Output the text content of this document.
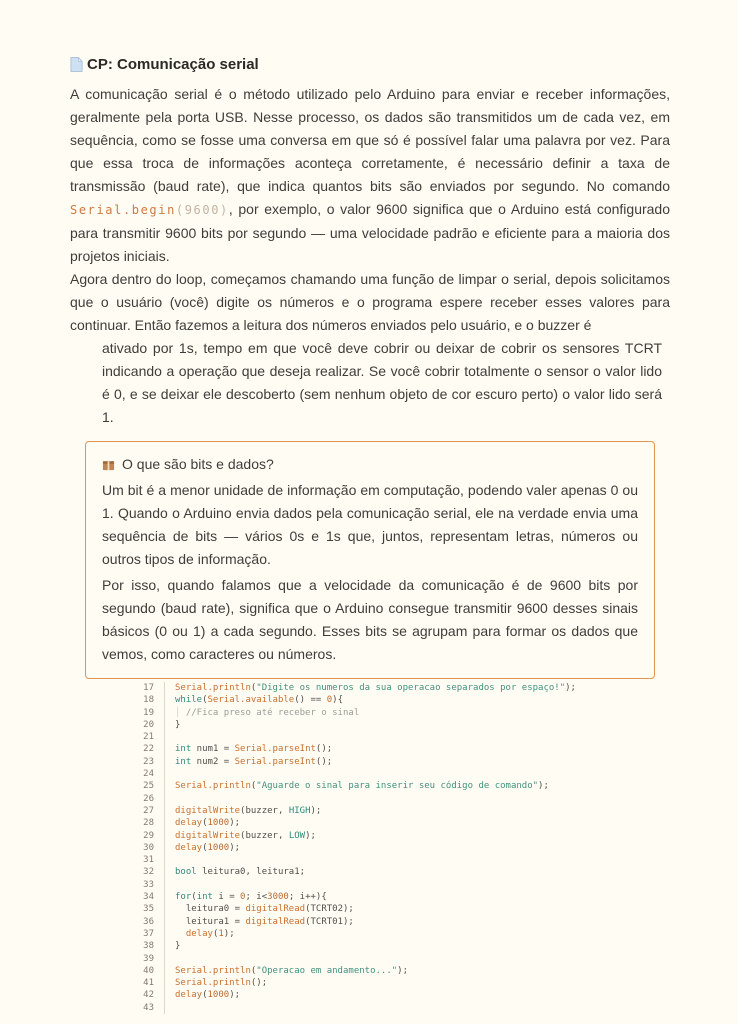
CP: Comunicação serial

A comunicação serial é o método utilizado pelo Arduino para enviar e receber informações, geralmente pela porta USB. Nesse processo, os dados são transmitidos um de cada vez, em sequência, como se fosse uma conversa em que só é possível falar uma palavra por vez. Para que essa troca de informações aconteça corretamente, é necessário definir a taxa de transmissão (baud rate), que indica quantos bits são enviados por segundo. No comando Serial.begin(9600), por exemplo, o valor 9600 significa que o Arduino está configurado para transmitir 9600 bits por segundo — uma velocidade padrão e eficiente para a maioria dos projetos iniciais.

Agora dentro do loop, começamos chamando uma função de limpar o serial, depois solicitamos que o usuário (você) digite os números e o programa espere receber esses valores para continuar. Então fazemos a leitura dos números enviados pelo usuário, e o buzzer é

ativado por 1s, tempo em que você deve cobrir ou deixar de cobrir os sensores TCRT indicando a operação que deseja realizar. Se você cobrir totalmente o sensor o valor lido é 0, e se deixar ele descoberto (sem nenhum objeto de cor escuro perto) o valor lido será 1.

O que são bits e dados?

Um bit é a menor unidade de informação em computação, podendo valer apenas 0 ou 1. Quando o Arduino envia dados pela comunicação serial, ele na verdade envia uma sequência de bits — vários 0s e 1s que, juntos, representam letras, números ou outros tipos de informação.

Por isso, quando falamos que a velocidade da comunicação é de 9600 bits por segundo (baud rate), significa que o Arduino consegue transmitir 9600 desses sinais básicos (0 ou 1) a cada segundo. Esses bits se agrupam para formar os dados que vemos, como caracteres ou números.

17	Serial.println("Digite os numeros da sua operacao separados por espaço!");
18	while(Serial.available() == 0){
19	│ //Fica preso até receber o sinal
20	}
21

22	int num1 = Serial.parseInt();
23	int num2 = Serial.parseInt();
24

25	Serial.println("Aguarde o sinal para inserir seu código de comando");
26

27	digitalWrite(buzzer, HIGH);
28	delay(1000);
29	digitalWrite(buzzer, LOW);
30	delay(1000);
31

32	bool leitura0, leitura1;
33

34	for(int i = 0; i<3000; i++){
35	leitura0 = digitalRead(TCRT02);
36	leitura1 = digitalRead(TCRT01);
37	delay(1);
38	}
39

40	Serial.println("Operacao em andamento...");
41	Serial.println();
42	delay(1000);
43
